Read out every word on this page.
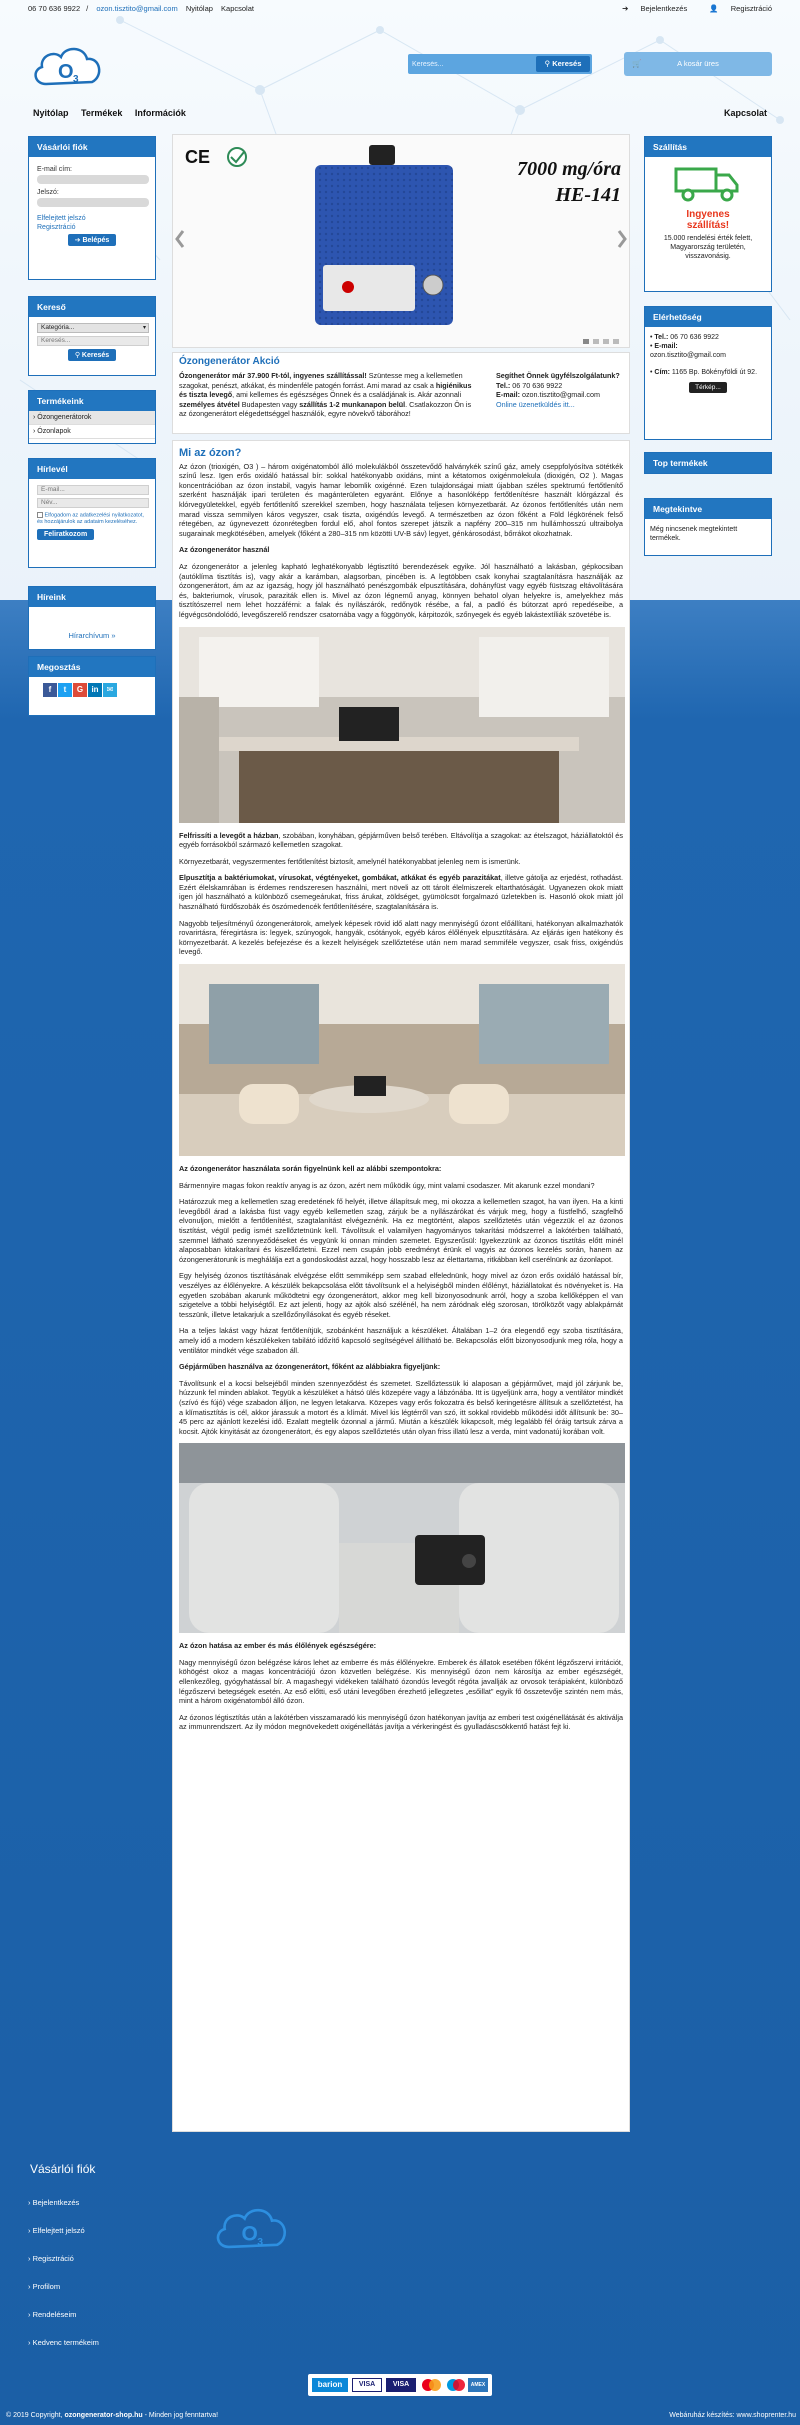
06 70 636 9922 / ozon.tisztito@gmail.com Nyitólap Kapcsolat	➔ Bejelentkezés	👤 Regisztráció
O 3
Keresés...
⚲ Keresés	🛒	A kosár üres
Nyitólap Termékek Információk	Kapcsolat
Vásárlói fiók
E-mail cím:
Jelszó:
Elfelejtett jelszó
Regisztráció
➔ Belépés
Kereső
Kategória...	▾
Keresés...
⚲ Keresés
Termékeink
› Ózongenerátorok
› Ózonlapok
Hírlevél
E-mail...
Név...
Elfogadom az adatkezelési nyilatkozatot, és hozzájárulok az adataim kezeléséhez.
Feliratkozom
Híreink
Hírarchívum »
Megosztás
f t G in ✉
CE
7000 mg/óra
HE-141
Ózongenerátor Akció
Ózongenerátor már 37.900 Ft-tól, ingyenes szállítással! Szüntesse meg a kellemetlen szagokat, penészt, atkákat, és mindenféle patogén forrást. Ami marad az csak a higiénikus és tiszta levegő, ami kellemes és egészséges Önnek és a családjának is. Akár azonnali személyes átvétel Budapesten vagy szállítás 1-2 munkanapon belül. Csatlakozzon Ön is az ózongenerátort elégedettséggel használók, egyre növekvő táborához!
Segíthet Önnek ügyfélszolgálatunk?
Tel.: 06 70 636 9922
E-mail: ozon.tisztito@gmail.com
Online üzenetküldés itt...
Mi az ózon?

Az ózon (trioxigén, O3 ) – három oxigénatomból álló molekulákból összetevődő halványkék színű gáz, amely cseppfolyósítva sötétkék színű lesz. Igen erős oxidáló hatással bír: sokkal hatékonyabb oxidáns, mint a kétatomos oxigénmolekula (dioxigén, O2 ). Magas koncentrációban az ózon instabil, vagyis hamar lebomlik oxigénné. Ezen tulajdonságai miatt újabban széles spektrumú fertőtlenítő szerként használják ipari területen és magánterületen egyaránt. Előnye a hasonlóképp fertőtlenítésre használt klórgázzal és klórvegyületekkel, egyéb fertőtlenítő szerekkel szemben, hogy használata teljesen környezetbarát. Az ózonos fertőtlenítés után nem marad vissza semmilyen káros vegyszer, csak tiszta, oxigéndús levegő. A természetben az ózon főként a Föld légkörének felső rétegében, az úgynevezett ózonrétegben fordul elő, ahol fontos szerepet játszik a napfény 200–315 nm hullámhosszú ultraibolya sugarainak megkötésében, amelyek (főként a 280–315 nm közötti UV-B sáv) legyet, génkárosodást, bőrrákot okozhatnak.

Az ózongenerátor használ

Az ózongenerátor a jelenleg kapható leghatékonyabb légtisztító berendezések egyike. Jól használható a lakásban, gépkocsiban (autóklíma tisztítás is), vagy akár a karámban, alagsorban, pincében is. A legtöbben csak konyhai szagtalanításra használják az ózongenerátort, ám az az igazság, hogy jól használható penészgombák elpusztítására, dohányfüst vagy egyéb füstszag eltávolítására és, bakteriumok, vírusok, paraziták ellen is. Mivel az ózon légnemű anyag, könnyen behatol olyan helyekre is, amelyekhez más tisztítószerrel nem lehet hozzáférni: a falak és nyílászárók, redőnyök résébe, a fal, a padló és bútorzat apró repedéseibe, a légvégcsöndolódó, levegőszerelő rendszer csatornába vagy a függönyök, kárpitozók, szőnyegek és egyéb lakástextíliák szövetébe is.

Felfrissíti a levegőt a házban, szobában, konyhában, gépjárműven belső terében. Eltávolítja a szagokat: az ételszagot, háziállatoktól és egyéb forrásokból származó kellemetlen szagokat.

Környezetbarát, vegyszermentes fertőtlenítést biztosít, amelynél hatékonyabbat jelenleg nem is ismerünk.

Elpusztítja a baktériumokat, vírusokat, végtényeket, gombákat, atkákat és egyéb parazitákat, illetve gátolja az erjedést, rothadást. Ezért élelskamrában is érdemes rendszeresen használni, mert növeli az ott tárolt élelmiszerek eltarthatóságát. Ugyanezen okok miatt igen jól használható a különböző csemegeárukat, friss árukat, zöldséget, gyümölcsöt forgalmazó üzletekben is. Hasonló okok miatt jól használható fürdőszobák és öszómedencék fertőtlenítésére, szagtalanítására is.

Nagyobb teljesítményű ózongenerátorok, amelyek képesek rövid idő alatt nagy mennyiségű ózont előállítani, hatékonyan alkalmazhatók rovarirtásra, féregirtásra is: legyek, szúnyogok, hangyák, csótányok, egyéb káros élőlények elpusztítására. Az eljárás igen hatékony és környezetbarát. A kezelés befejezése és a kezelt helyiségek szellőztetése után nem marad semmiféle vegyszer, csak friss, oxigéndús levegő.

Az ózongenerátor használata során figyelnünk kell az alábbi szempontokra:

Bármennyire magas fokon reaktív anyag is az ózon, azért nem működik úgy, mint valami csodaszer. Mit akarunk ezzel mondani?

Határozzuk meg a kellemetlen szag eredetének fő helyét, illetve állapítsuk meg, mi okozza a kellemetlen szagot, ha van ilyen. Ha a kinti levegőből árad a lakásba füst vagy egyéb kellemetlen szag, zárjuk be a nyílászárókat és várjuk meg, hogy a füstfelhő, szagfelhő elvonuljon, mielőtt a fertőtlenítést, szagtalanítást elvégeznénk. Ha ez megtörtént, alapos szellőztetés után végezzük el az ózonos tisztítást, végül pedig ismét szellőztetnünk kell. Távolítsuk el valamilyen hagyományos takarítási módszerrel a lakótérben található, szemmel látható szennyeződéseket és vegyünk ki onnan minden szemetet. Egyszerűsül: Igyekezzünk az ózonos tisztítás előtt minél alaposabban kitakarítani és kiszellőztetni. Ezzel nem csupán jobb eredményt érünk el vagyis az ózonos kezelés során, hanem az ózongenerátorunk is meghálálja ezt a gondoskodást azzal, hogy hosszabb lesz az élettartama, ritkábban kell cserélnünk az ózonlapot.

Egy helyiség ózonos tisztításának elvégzése előtt semmiképp sem szabad elfelednünk, hogy mivel az ózon erős oxidáló hatással bír, veszélyes az élőlényekre. A készülék bekapcsolása előtt távolítsunk el a helyiségből minden élőlényt, háziállatokat és növényeket is. Ha egyetlen szobában akarunk működtetni egy ózongenerátort, akkor meg kell bizonyosodnunk arról, hogy a szoba kellőképpen el van szigetelve a többi helyiségtől. Ez azt jelenti, hogy az ajtók alsó szélénél, ha nem záródnak elég szorosan, törölközőt vagy ablakpárnát tesszünk, illetve letakarjuk a szellőzőnyílásokat és egyéb réseket.

Ha a teljes lakást vagy házat fertőtlenítjük, szobánként használjuk a készüléket. Általában 1–2 óra elegendő egy szoba tisztítására, amely idő a modern készülékeken tabilátó időzítő kapcsoló segítségével állítható be. Bekapcsolás előtt bizonyosodjunk meg róla, hogy a ventilátor mindkét vége szabadon áll.

Gépjárműben használva az ózongenerátort, főként az alábbiakra figyeljünk:

Távolítsunk el a kocsi belsejéből minden szennyeződést és szemetet. Szellőztessük ki alaposan a gépjárművet, majd jól zárjunk be, húzzunk fel minden ablakot. Tegyük a készüléket a hátsó ülés közepére vagy a lábzónába. Itt is ügyeljünk arra, hogy a ventilátor mindkét (szívó és fújó) vége szabadon álljon, ne legyen letakarva. Közepes vagy erős fokozatra és belső keringetésre állítsuk a szellőztetést, ha a klímatisztítás is cél, akkor járassuk a motort és a klímát. Mivel kis légtérről van szó, itt sokkal rövidebb működési időt állítsunk be: 30–45 perc az ajánlott kezelési idő. Ezalatt megtelik ózonnal a jármű. Miután a készülék kikapcsolt, még legalább fél óráig tartsuk zárva a kocsit. Ajtók kinyitását az ózongenerátort, és egy alapos szellőztetés után olyan friss illatú lesz a verda, mint vadonatúj korában volt.

Az ózon hatása az ember és más élőlények egészségére:

Nagy mennyiségű ózon belégzése káros lehet az emberre és más élőlényekre. Emberek és állatok esetében főként légzőszervi irritációt, köhögést okoz a magas koncentrációjú ózon közvetlen belégzése. Kis mennyiségű ózon nem károsítja az ember egészségét, ellenkezőleg, gyógyhatással bír. A magashegyi vidékeken található ózondús levegőt régóta javallják az orvosok terápiaként, különböző légzőszervi betegségek esetén. Az eső előtti, eső utáni levegőben érezhető jellegzetes „esőillat” egyik fő összetevője szintén nem más, mint a három oxigénatomból álló ózon.

Az ózonos légtisztítás után a lakótérben visszamaradó kis mennyiségű ózon hatékonyan javítja az emberi test oxigénellátását és aktiválja az immunrendszert. Az ily módon megnövekedett oxigénellátás javítja a vérkeringést és gyulladáscsökkentő hatást fejt ki.

Szállítás
Ingyenes szállítás!
15.000 rendelési érték felett, Magyarország területén, visszavonásig.
Elérhetőség
• Tel.: 06 70 636 9922
• E-mail:
ozon.tisztito@gmail.com
• Cím: 1165 Bp. Bökényföldi út 92.
Térkép...
Top termékek
Megtekintve
Még nincsenek megtekintett termékek.
Vásárlói fiók
› Bejelentkezés
› Elfelejtett jelszó
› Regisztráció
› Profilom
› Rendeléseim
› Kedvenc termékeim
O 3
barion	VISA	VISA	AMEX
© 2019 Copyright, ozongenerator-shop.hu - Minden jog fenntartva!	Webáruház készítés: www.shoprenter.hu
